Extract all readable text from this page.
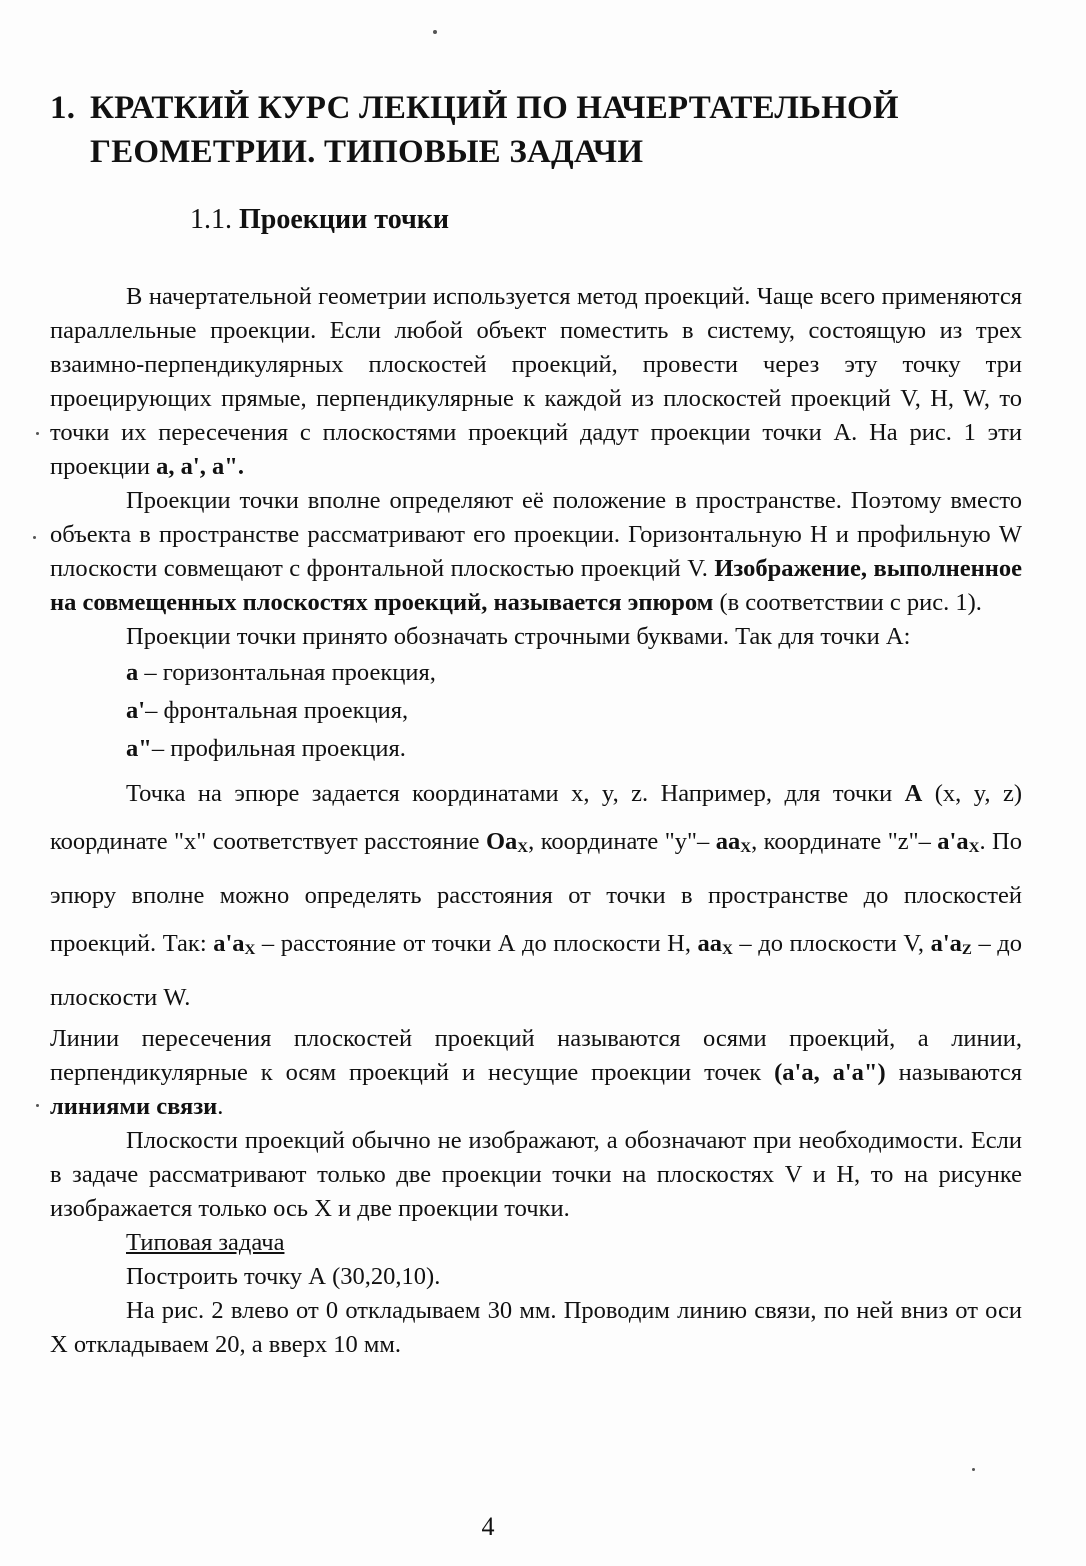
1. КРАТКИЙ КУРС ЛЕКЦИЙ ПО НАЧЕРТАТЕЛЬНОЙ
ГЕОМЕТРИИ. ТИПОВЫЕ ЗАДАЧИ
1.1. Проекции точки

В начертательной геометрии используется метод проекций. Чаще всего применяются параллельные проекции. Если любой объект поместить в систему, состоящую из трех взаимно-перпендикулярных плоскостей проекций, провести через эту точку три проецирующих прямые, перпендикулярные к каждой из плоскостей проекций V, H, W, то точки их пересечения с плоскостями проекций дадут проекции точки А. На рис. 1 эти проекции а, а', а".

Проекции точки вполне определяют её положение в пространстве. Поэтому вместо объекта в пространстве рассматривают его проекции. Горизонтальную Н и профильную W плоскости совмещают с фронтальной плоскостью проекций V. Изображение, выполненное на совмещенных плоскостях проекций, называется эпюром (в соответствии с рис. 1).

Проекции точки принято обозначать строчными буквами. Так для точки А:

а – горизонтальная проекция,

а'– фронтальная проекция,

а"– профильная проекция.

Точка на эпюре задается координатами x, y, z. Например, для точки А (x, y, z) координате "x" соответствует расстояние $Oa_X$, координате "y"– $aa_X$, координате "z"– $a'a_X$. По эпюру вполне можно определять расстояния от точки в пространстве до плоскостей проекций. Так: $a'a_X$ – расстояние от точки А до плоскости Н, $aa_X$ – до плоскости V, $a'a_Z$ – до плоскости W.

Линии пересечения плоскостей проекций называются осями проекций, а линии, перпендикулярные к осям проекций и несущие проекции точек (a'a, a'a") называются линиями связи.

Плоскости проекций обычно не изображают, а обозначают при необходимости. Если в задаче рассматривают только две проекции точки на плоскостях V и H, то на рисунке изображается только ось X и две проекции точки.

Типовая задача

Построить точку А (30,20,10).

На рис. 2 влево от 0 откладываем 30 мм. Проводим линию связи, по ней вниз от оси X откладываем 20, а вверх 10 мм.

4
